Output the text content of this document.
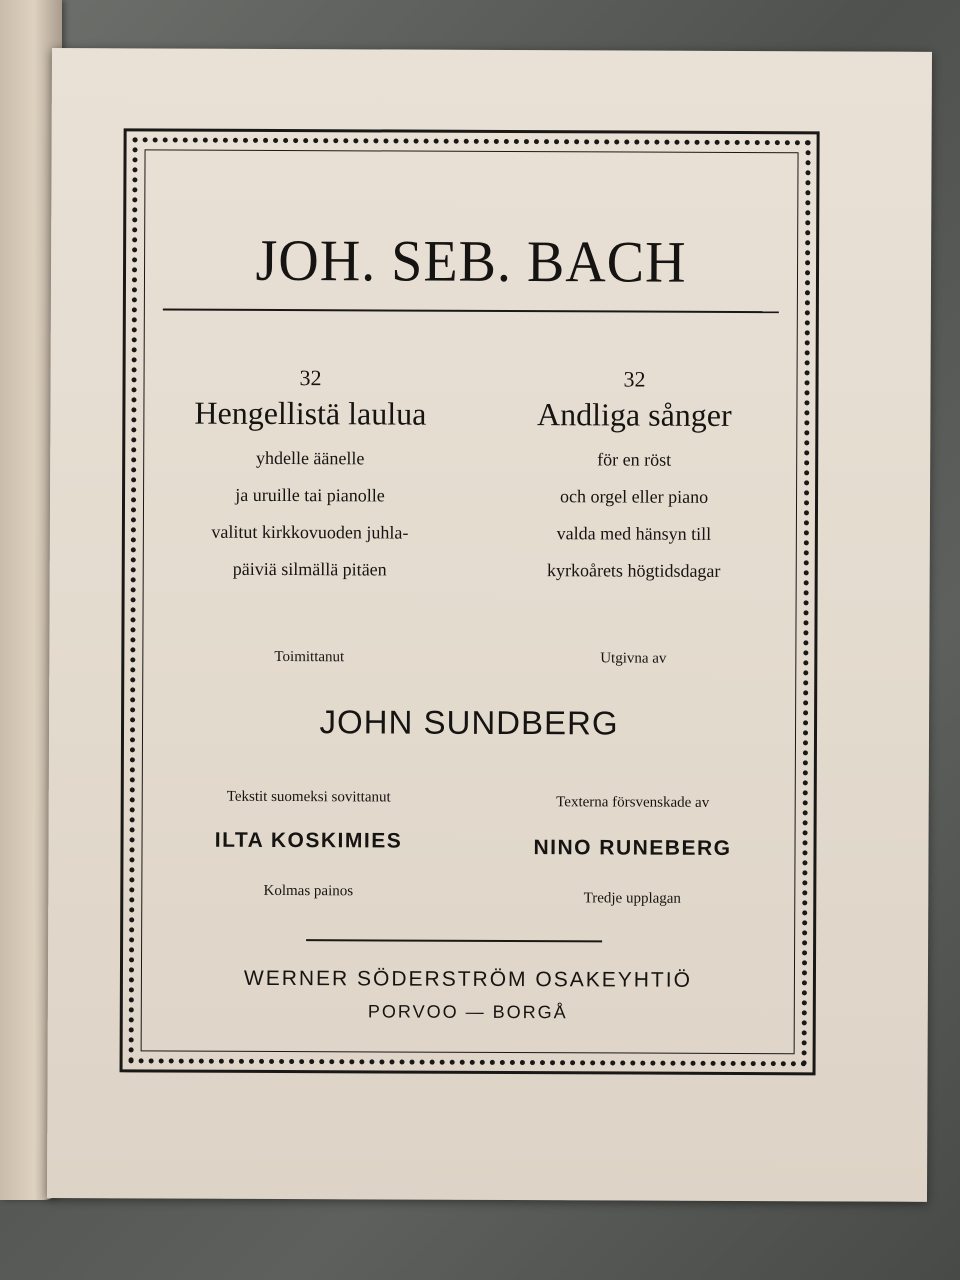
JOH. SEB. BACH
32
Hengellistä laulua
yhdelle äänelle
ja uruille tai pianolle
valitut kirkkovuoden juhla-
päiviä silmällä pitäen
32
Andliga sånger
för en röst
och orgel eller piano
valda med hänsyn till
kyrkoårets högtidsdagar
Toimittanut	Utgivna av
JOHN SUNDBERG
Tekstit suomeksi sovittanut	Texterna försvenskade av
ILTA KOSKIMIES	NINO RUNEBERG
Kolmas painos	Tredje upplagan
WERNER SÖDERSTRÖM OSAKEYHTIÖ
PORVOO — BORGÅ
